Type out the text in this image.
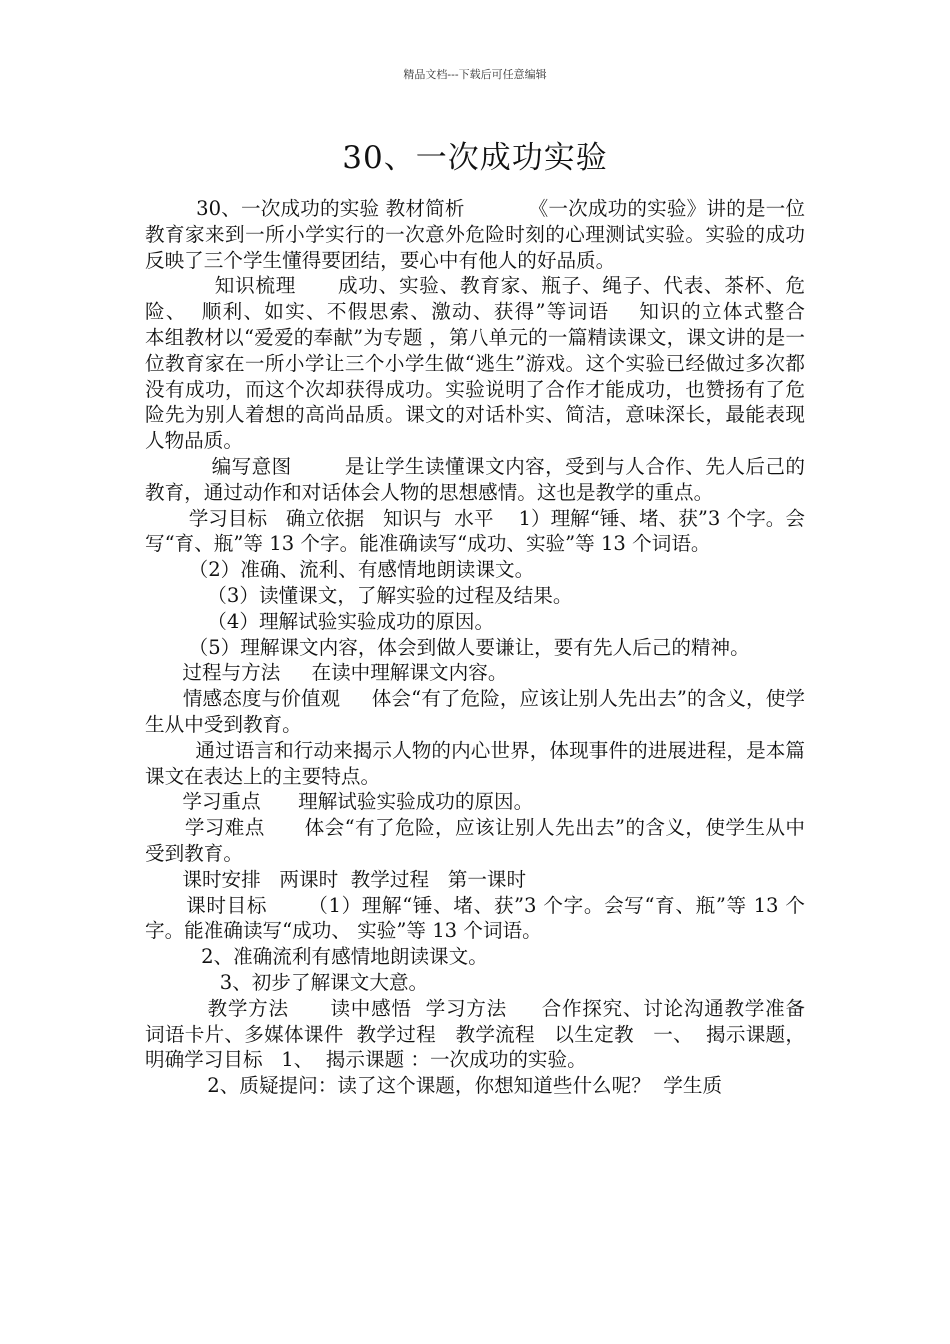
精品文档---下载后可任意编辑
30、一次成功实验

30、一次成功的实验 教材简析          《一次成功的实验》讲的是一位教育家来到一所小学实行的一次意外危险时刻的心理测试实验。实验的成功反映了三个学生懂得要团结，要心中有他人的好品质。

知识梳理      成功、实验、教育家、瓶子、绳子、代表、茶杯、危险、  顺利、如实、不假思索、激动、获得”等词语    知识的立体式整合      本组教材以“爱爱的奉献”为专题 ，第八单元的一篇精读课文，课文讲的是一位教育家在一所小学让三个小学生做“逃生”游戏。这个实验已经做过多次都没有成功，而这个次却获得成功。实验说明了合作才能成功，也赞扬有了危险先为别人着想的高尚品质。课文的对话朴实、简洁，意味深长，最能表现人物品质。

编写意图        是让学生读懂课文内容，受到与人合作、先人后己的教育，通过动作和对话体会人物的思想感情。这也是教学的重点。

学习目标   确立依据   知识与  水平    1）理解“锤、堵、获”3 个字。会写“育、瓶”等 13 个字。能准确读写“成功、实验”等 13 个词语。

（2）准确、流利、有感情地朗读课文。

（3）读懂课文，了解实验的过程及结果。

（4）理解试验实验成功的原因。

（5）理解课文内容，体会到做人要谦让，要有先人后己的精神。

过程与方法     在读中理解课文内容。

情感态度与价值观     体会“有了危险，应该让别人先出去”的含义，使学生从中受到教育。

通过语言和行动来揭示人物的内心世界，体现事件的进展进程，是本篇课文在表达上的主要特点。

学习重点      理解试验实验成功的原因。

学习难点      体会“有了危险，应该让别人先出去”的含义，使学生从中受到教育。

课时安排   两课时  教学过程   第一课时

课时目标      （1）理解“锤、堵、获”3 个字。会写“育、瓶”等 13 个字。能准确读写“成功、 实验”等 13 个词语。

2、准确流利有感情地朗读课文。

3、初步了解课文大意。

教学方法      读中感悟  学习方法     合作探究、讨论沟通教学准备      词语卡片、多媒体课件  教学过程   教学流程   以生定教   一、  揭示课题，明确学习目标   1、  揭示课题 ：一次成功的实验。

2、质疑提问：读了这个课题，你想知道些什么呢？  学生质
